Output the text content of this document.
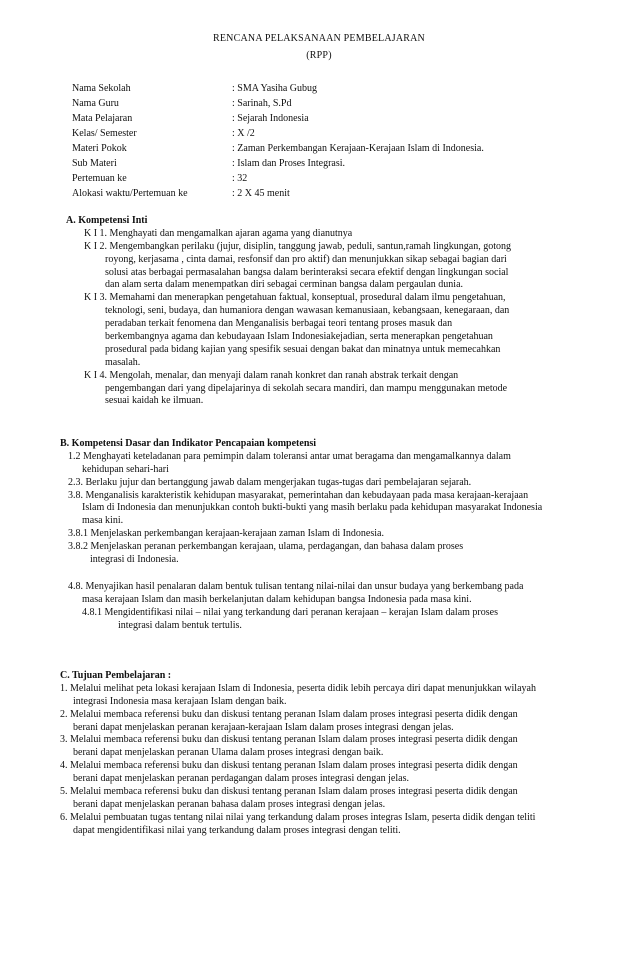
RENCANA PELAKSANAAN PEMBELAJARAN
(RPP)
Nama Sekolah	: SMA Yasiha Gubug
Nama Guru	: Sarinah, S.Pd
Mata Pelajaran	: Sejarah Indonesia
Kelas/ Semester	: X /2
Materi Pokok	: Zaman Perkembangan Kerajaan-Kerajaan Islam di Indonesia.
Sub Materi	: Islam dan Proses Integrasi.
Pertemuan ke	: 32
Alokasi waktu/Pertemuan ke	: 2 X 45 menit
A. Kompetensi Inti
K I 1. Menghayati dan mengamalkan ajaran agama yang dianutnya
K I 2. Mengembangkan perilaku (jujur, disiplin, tanggung jawab, peduli, santun,ramah lingkungan, gotong
royong, kerjasama , cinta damai, resfonsif dan pro aktif) dan menunjukkan sikap sebagai bagian dari
solusi atas berbagai permasalahan bangsa dalam berinteraksi secara efektif dengan lingkungan social
dan alam serta dalam menempatkan diri sebagai cerminan bangsa dalam pergaulan dunia.
K I 3. Memahami dan menerapkan pengetahuan faktual, konseptual, prosedural dalam ilmu pengetahuan,
teknologi, seni, budaya, dan humaniora dengan wawasan kemanusiaan, kebangsaan, kenegaraan, dan
peradaban terkait fenomena dan Menganalisis berbagai teori tentang proses masuk dan
berkembangnya agama dan kebudayaan Islam Indonesiakejadian, serta menerapkan pengetahuan
prosedural pada bidang kajian yang spesifik sesuai dengan bakat dan minatnya untuk memecahkan
masalah.
K I 4. Mengolah, menalar, dan menyaji dalam ranah konkret dan ranah abstrak terkait dengan
pengembangan dari yang dipelajarinya di sekolah secara mandiri, dan mampu menggunakan metode
sesuai kaidah ke ilmuan.
B. Kompetensi Dasar dan Indikator Pencapaian kompetensi
1.2 Menghayati keteladanan para pemimpin dalam toleransi antar umat beragama dan mengamalkannya dalam
kehidupan sehari-hari
2.3. Berlaku jujur dan bertanggung jawab dalam mengerjakan tugas-tugas dari pembelajaran sejarah.
3.8. Menganalisis karakteristik kehidupan masyarakat, pemerintahan dan kebudayaan pada masa kerajaan-kerajaan
Islam di Indonesia dan menunjukkan contoh bukti-bukti yang masih berlaku pada kehidupan masyarakat Indonesia
masa kini.
3.8.1 Menjelaskan perkembangan kerajaan-kerajaan zaman Islam di Indonesia.
3.8.2 Menjelaskan peranan perkembangan kerajaan, ulama, perdagangan, dan bahasa dalam proses
integrasi di Indonesia.
4.8. Menyajikan hasil penalaran dalam bentuk tulisan tentang nilai-nilai dan unsur budaya yang berkembang pada
masa kerajaan Islam dan masih berkelanjutan dalam kehidupan bangsa Indonesia pada masa kini.
4.8.1 Mengidentifikasi nilai – nilai yang terkandung dari peranan kerajaan – kerajan Islam dalam proses
integrasi dalam bentuk tertulis.
C. Tujuan Pembelajaran :
1. Melalui melihat peta lokasi kerajaan Islam di Indonesia, peserta didik lebih percaya diri dapat menunjukkan wilayah
integrasi Indonesia masa kerajaan Islam dengan baik.
2. Melalui membaca referensi buku dan diskusi tentang peranan Islam dalam proses integrasi peserta didik dengan
berani dapat menjelaskan peranan kerajaan-kerajaan Islam dalam proses integrasi dengan jelas.
3. Melalui membaca referensi buku dan diskusi tentang peranan Islam dalam proses integrasi peserta didik dengan
berani dapat menjelaskan peranan Ulama dalam proses integrasi dengan baik.
4. Melalui membaca referensi buku dan diskusi tentang peranan Islam dalam proses integrasi peserta didik dengan
berani dapat menjelaskan peranan perdagangan dalam proses integrasi dengan jelas.
5. Melalui membaca referensi buku dan diskusi tentang peranan Islam dalam proses integrasi peserta didik dengan
berani dapat menjelaskan peranan bahasa dalam proses integrasi dengan jelas.
6. Melalui pembuatan tugas tentang nilai nilai yang terkandung dalam proses integras Islam, peserta didik dengan teliti
dapat mengidentifikasi nilai yang terkandung dalam proses integrasi dengan teliti.
